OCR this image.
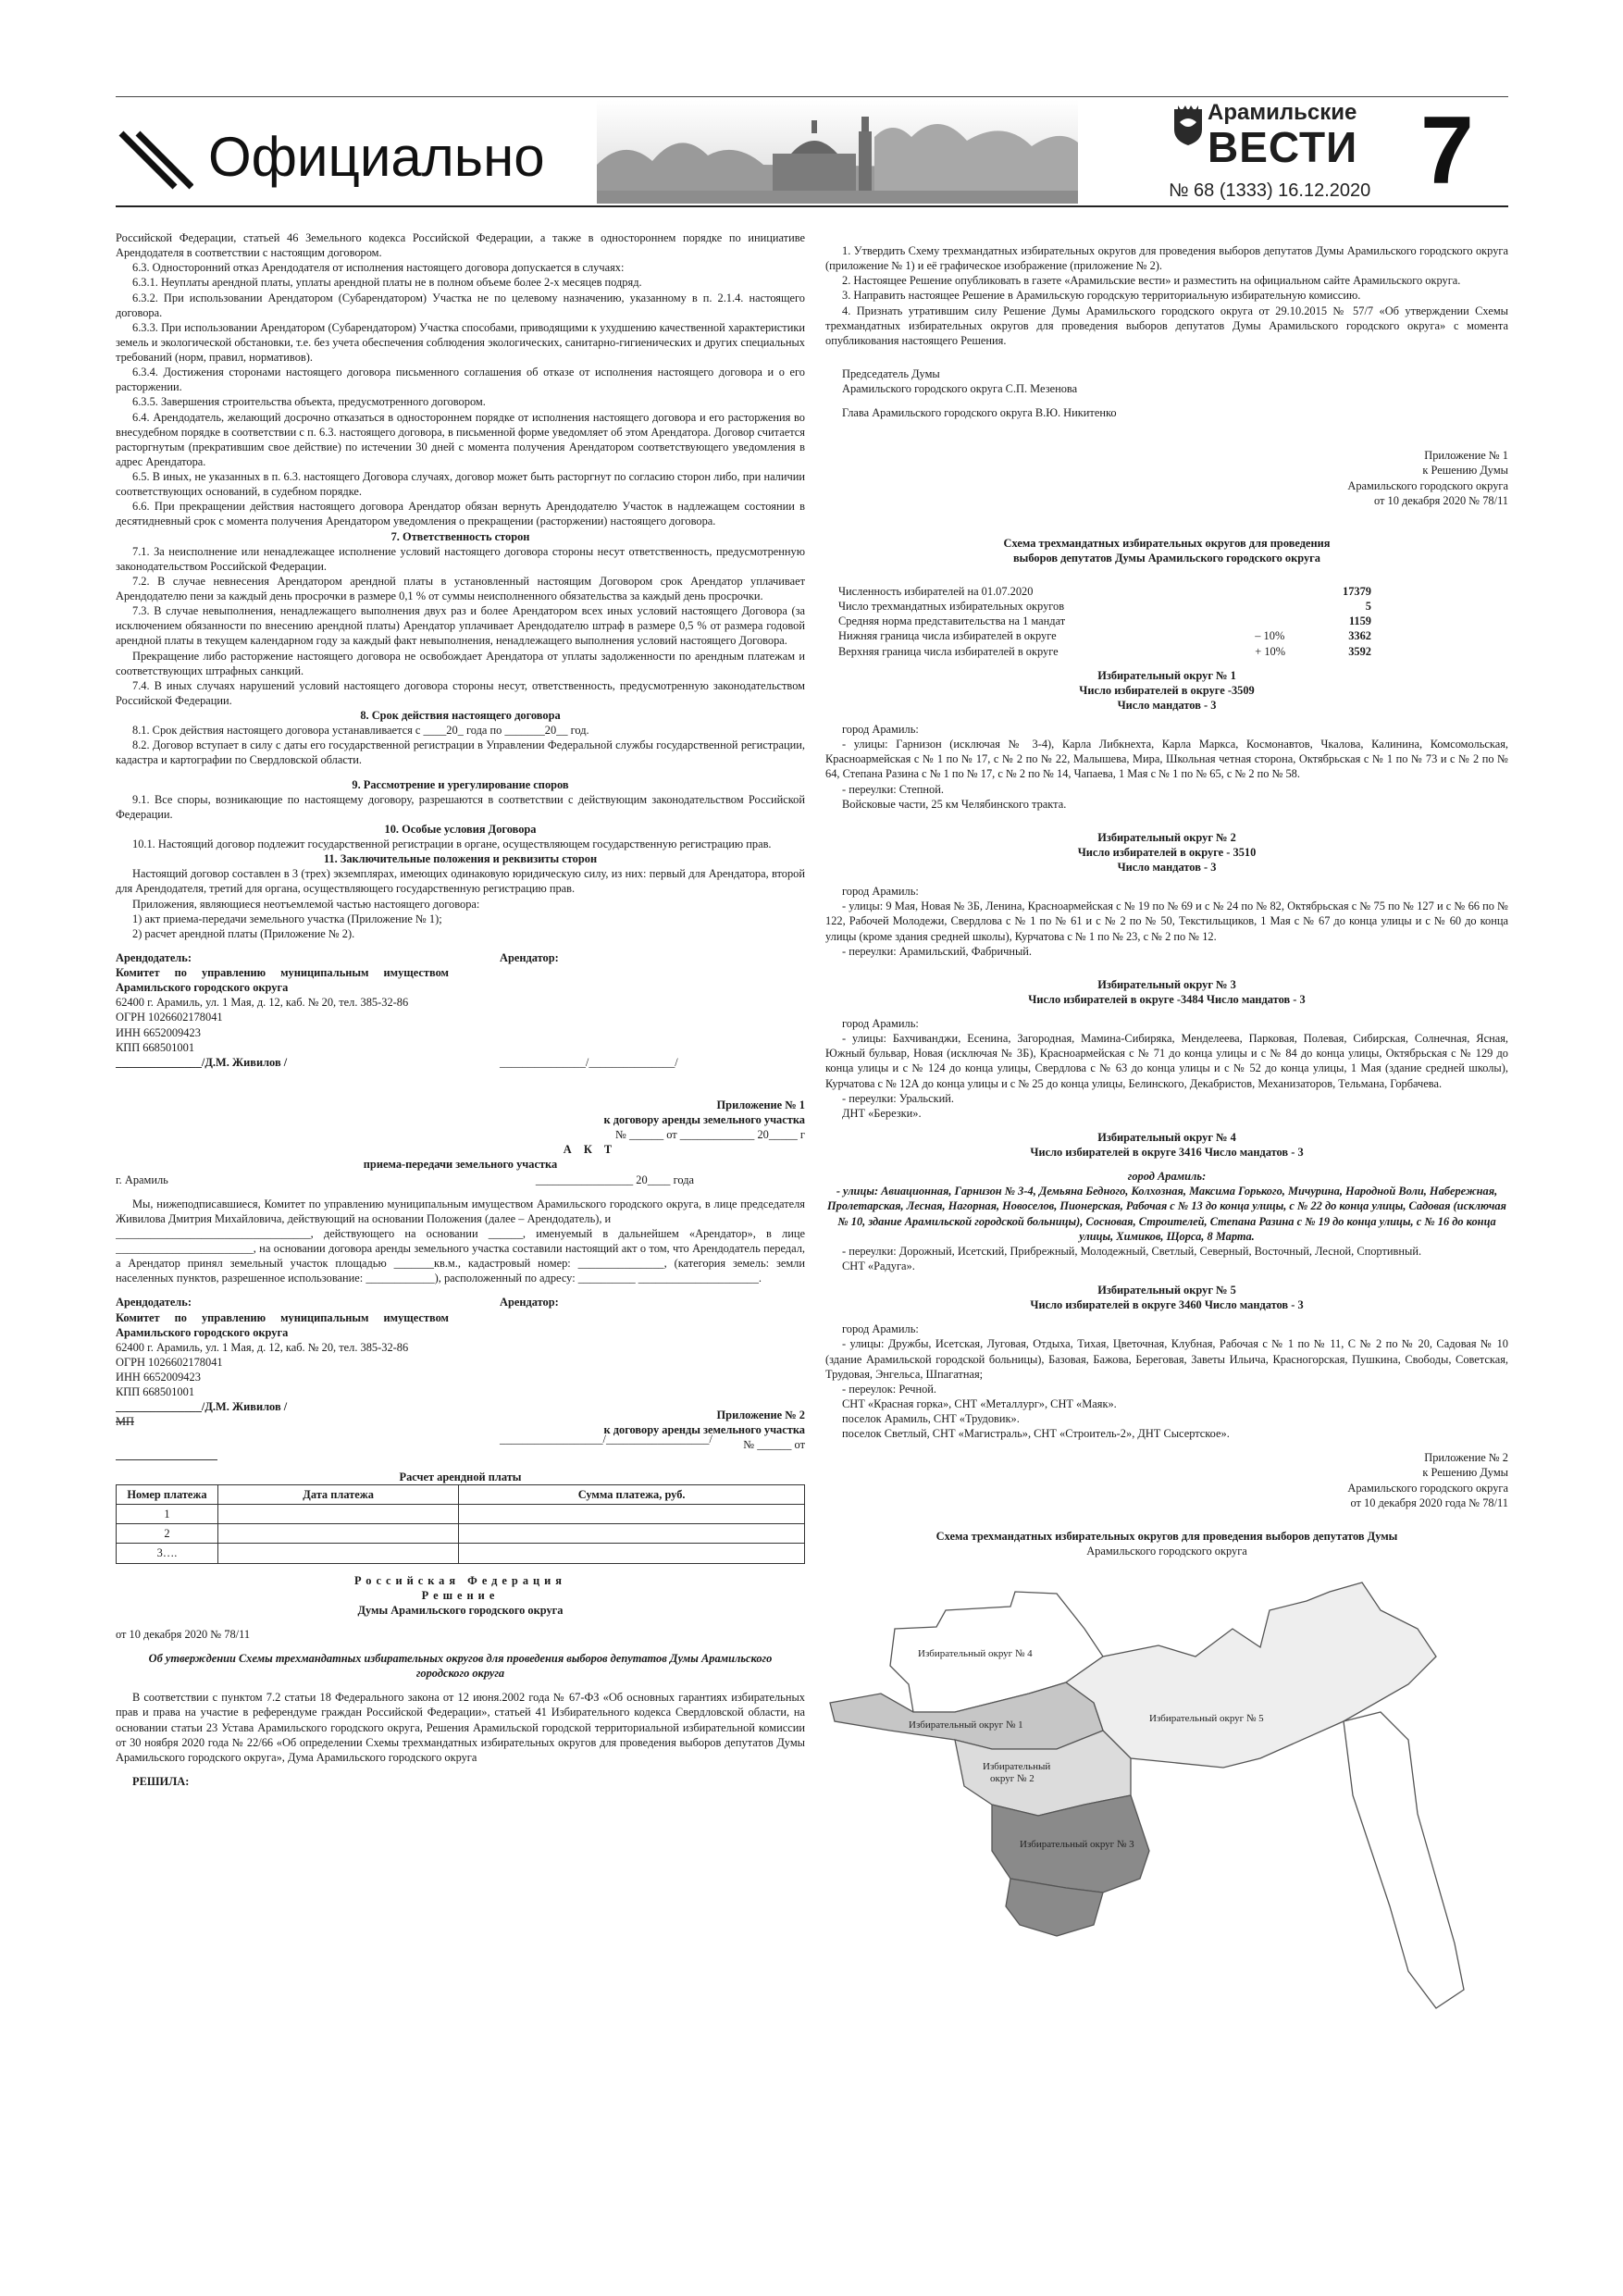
Официально
Арамильские
ВЕСТИ
№ 68 (1333) 16.12.2020 7

Российской Федерации, статьей 46 Земельного кодекса Российской Федерации, а также в одностороннем порядке по инициативе Арендодателя в соответствии с настоящим договором.

6.3. Односторонний отказ Арендодателя от исполнения настоящего договора допускается в случаях:

6.3.1. Неуплаты арендной платы, уплаты арендной платы не в полном объеме более 2-х месяцев подряд.

6.3.2. При использовании Арендатором (Субарендатором) Участка не по целевому назначению, указанному в п. 2.1.4. настоящего договора.

6.3.3. При использовании Арендатором (Субарендатором) Участка способами, приводящими к ухудшению качественной характеристики земель и экологической обстановки, т.е. без учета обеспечения соблюдения экологических, санитарно-гигиенических и других специальных требований (норм, правил, нормативов).

6.3.4. Достижения сторонами настоящего договора письменного соглашения об отказе от исполнения настоящего договора и о его расторжении.

6.3.5. Завершения строительства объекта, предусмотренного договором.

6.4. Арендодатель, желающий досрочно отказаться в одностороннем порядке от исполнения настоящего договора и его расторжения во внесудебном порядке в соответствии с п. 6.3. настоящего договора, в письменной форме уведомляет об этом Арендатора. Договор считается расторгнутым (прекратившим свое действие) по истечении 30 дней с момента получения Арендатором соответствующего уведомления в адрес Арендатора.

6.5. В иных, не указанных в п. 6.3. настоящего Договора случаях, договор может быть расторгнут по согласию сторон либо, при наличии соответствующих оснований, в судебном порядке.

6.6. При прекращении действия настоящего договора Арендатор обязан вернуть Арендодателю Участок в надлежащем состоянии в десятидневный срок с момента получения Арендатором уведомления о прекращении (расторжении) настоящего договора.

7. Ответственность сторон

7.1. За неисполнение или ненадлежащее исполнение условий настоящего договора стороны несут ответственность, предусмотренную законодательством Российской Федерации.

7.2. В случае невнесения Арендатором арендной платы в установленный настоящим Договором срок Арендатор уплачивает Арендодателю пени за каждый день просрочки в размере 0,1 % от суммы неисполненного обязательства за каждый день просрочки.

7.3. В случае невыполнения, ненадлежащего выполнения двух раз и более Арендатором всех иных условий настоящего Договора (за исключением обязанности по внесению арендной платы) Арендатор уплачивает Арендодателю штраф в размере 0,5 % от размера годовой арендной платы в текущем календарном году за каждый факт невыполнения, ненадлежащего выполнения условий настоящего Договора.

Прекращение либо расторжение настоящего договора не освобождает Арендатора от уплаты задолженности по арендным платежам и соответствующих штрафных санкций.

7.4. В иных случаях нарушений условий настоящего договора стороны несут, ответственность, предусмотренную законодательством Российской Федерации.

8. Срок действия настоящего договора

8.1. Срок действия настоящего договора устанавливается с ____20_ года по _______20__ год.

8.2. Договор вступает в силу с даты его государственной регистрации в Управлении Федеральной службы государственной регистрации, кадастра и картографии по Свердловской области.

9. Рассмотрение и урегулирование споров

9.1. Все споры, возникающие по настоящему договору, разрешаются в соответствии с действующим законодательством Российской Федерации.

10. Особые условия Договора

10.1. Настоящий договор подлежит государственной регистрации в органе, осуществляющем государственную регистрацию прав.

11. Заключительные положения и реквизиты сторон

Настоящий договор составлен в 3 (трех) экземплярах, имеющих одинаковую юридическую силу, из них: первый для Арендатора, второй для Арендодателя, третий для органа, осуществляющего государственную регистрацию прав.

Приложения, являющиеся неотъемлемой частью настоящего договора:

1) акт приема-передачи земельного участка (Приложение № 1);

2) расчет арендной платы (Приложение № 2).

Арендодатель:

Комитет по управлению муниципальным имуществом Арамильского городского округа

62400 г. Арамиль, ул. 1 Мая, д. 12, каб. № 20, тел. 385-32-86

ОГРН 1026602178041

ИНН 6652009423

КПП 668501001

_______________/Д.М. Живилов /

Арендатор:

_______________/_______________/

Приложение № 1

к договору аренды земельного участка

№ ______ от _____________ 20_____ г

А К Т

приема-передачи земельного участка

г. Арамиль	_________________ 20____ года

Мы, нижеподписавшиеся, Комитет по управлению муниципальным имуществом Арамильского городского округа, в лице председателя Живилова Дмитрия Михайловича, действующий на основании Положения (далее – Арендодатель), и

__________________________________, действующего на основании ______, именуемый в дальнейшем «Арендатор», в лице ________________________, на основании договора аренды земельного участка составили настоящий акт о том, что Арендодатель передал, а Арендатор принял земельный участок площадью _______кв.м., кадастровый номер: _______________, (категория земель: земли населенных пунктов, разрешенное использование: ____________), расположенный по адресу: __________ _____________________.

Арендодатель:

Комитет по управлению муниципальным имуществом Арамильского городского округа

62400 г. Арамиль, ул. 1 Мая, д. 12, каб. № 20, тел. 385-32-86

ОГРН 1026602178041

ИНН 6652009423

КПП 668501001

_______________/Д.М. Живилов /

МП

Арендатор:

__________________/__________________/

Приложение № 2

к договору аренды земельного участка

№ ______ от

Расчет арендной платы

Номер платежа	Дата платежа	Сумма платежа, руб.
1		
2		
3….		

Российская Федерация

Решение

Думы Арамильского городского округа

от 10 декабря 2020 № 78/11

Об утверждении Схемы трехмандатных избирательных округов для проведения выборов депутатов Думы Арамильского городского округа

В соответствии с пунктом 7.2 статьи 18 Федерального закона от 12 июня.2002 года № 67-ФЗ «Об основных гарантиях избирательных прав и права на участие в референдуме граждан Российской Федерации», статьей 41 Избирательного кодекса Свердловской области, на основании статьи 23 Устава Арамильского городского округа, Решения Арамильской городской территориальной избирательной комиссии от 30 ноября 2020 года № 22/66 «Об определении Схемы трехмандатных избирательных округов для проведения выборов депутатов Думы Арамильского городского округа», Дума Арамильского городского округа

РЕШИЛА:

1. Утвердить Схему трехмандатных избирательных округов для проведения выборов депутатов Думы Арамильского городского округа (приложение № 1) и её графическое изображение (приложение № 2).

2. Настоящее Решение опубликовать в газете «Арамильские вести» и разместить на официальном сайте Арамильского округа.

3. Направить настоящее Решение в Арамильскую городскую территориальную избирательную комиссию.

4. Признать утратившим силу Решение Думы Арамильского городского округа от 29.10.2015 № 57/7 «Об утверждении Схемы трехмандатных избирательных округов для проведения выборов депутатов Думы Арамильского городского округа» с момента опубликования настоящего Решения.

Председатель Думы

Арамильского городского округа С.П. Мезенова

Глава Арамильского городского округа В.Ю. Никитенко

Приложение № 1

к Решению Думы

Арамильского городского округа

от 10 декабря 2020 № 78/11

Схема трехмандатных избирательных округов для проведения

выборов депутатов Думы Арамильского городского округа

Численность избирателей на 01.07.2020		17379
Число трехмандатных избирательных округов		5
Средняя норма представительства на 1 мандат		1159
Нижняя граница числа избирателей в округе	– 10%	3362
Верхняя граница числа избирателей в округе	+ 10%	3592

Избирательный округ № 1

Число избирателей в округе -3509

Число мандатов - 3

город Арамиль:

- улицы: Гарнизон (исключая № 3-4), Карла Либкнехта, Карла Маркса, Космонавтов, Чкалова, Калинина, Комсомольская, Красноармейская с № 1 по № 17, с № 2 по № 22, Малышева, Мира, Школьная четная сторона, Октябрьская с № 1 по № 73 и с № 2 по № 64, Степана Разина с № 1 по № 17, с № 2 по № 14, Чапаева, 1 Мая с № 1 по № 65, с № 2 по № 58.

- переулки: Степной.

Войсковые части, 25 км Челябинского тракта.

Избирательный округ № 2

Число избирателей в округе - 3510

Число мандатов - 3

город Арамиль:

- улицы: 9 Мая, Новая № 3Б, Ленина, Красноармейская с № 19 по № 69 и с № 24 по № 82, Октябрьская с № 75 по № 127 и с № 66 по № 122, Рабочей Молодежи, Свердлова с № 1 по № 61 и с № 2 по № 50, Текстильщиков, 1 Мая с № 67 до конца улицы и с № 60 до конца улицы (кроме здания средней школы), Курчатова с № 1 по № 23, с № 2 по № 12.

- переулки: Арамильский, Фабричный.

Избирательный округ № 3

Число избирателей в округе -3484 Число мандатов - 3

город Арамиль:

- улицы: Бахчиванджи, Есенина, Загородная, Мамина-Сибиряка, Менделеева, Парковая, Полевая, Сибирская, Солнечная, Ясная, Южный бульвар, Новая (исключая № 3Б), Красноармейская с № 71 до конца улицы и с № 84 до конца улицы, Октябрьская с № 129 до конца улицы и с № 124 до конца улицы, Свердлова с № 63 до конца улицы и с № 52 до конца улицы, 1 Мая (здание средней школы), Курчатова с № 12А до конца улицы и с № 25 до конца улицы, Белинского, Декабристов, Механизаторов, Тельмана, Горбачева.

- переулки: Уральский.

ДНТ «Березки».

Избирательный округ № 4

Число избирателей в округе 3416 Число мандатов - 3

город Арамиль:

- улицы: Авиационная, Гарнизон № 3-4, Демьяна Бедного, Колхозная, Максима Горького, Мичурина, Народной Воли, Набережная, Пролетарская, Лесная, Нагорная, Новоселов, Пионерская, Рабочая с № 13 до конца улицы, с № 22 до конца улицы, Садовая (исключая № 10, здание Арамильской городской больницы), Сосновая, Строителей, Степана Разина с № 19 до конца улицы, с № 16 до конца улицы, Химиков, Щорса, 8 Марта.

- переулки: Дорожный, Исетский, Прибрежный, Молодежный, Светлый, Северный, Восточный, Лесной, Спортивный.

СНТ «Радуга».

Избирательный округ № 5

Число избирателей в округе 3460 Число мандатов - 3

город Арамиль:

- улицы: Дружбы, Исетская, Луговая, Отдыха, Тихая, Цветочная, Клубная, Рабочая с № 1 по № 11, С № 2 по № 20, Садовая № 10 (здание Арамильской городской больницы), Базовая, Бажова, Береговая, Заветы Ильича, Красногорская, Пушкина, Свободы, Советская, Трудовая, Энгельса, Шпагатная;

- переулок: Речной.

СНТ «Красная горка», СНТ «Металлург», СНТ «Маяк».

поселок Арамиль, СНТ «Трудовик».

поселок Светлый, СНТ «Магистраль», СНТ «Строитель-2», ДНТ Сысертское».

Приложение № 2

к Решению Думы

Арамильского городского округа

от 10 декабря 2020 года № 78/11

Схема трехмандатных избирательных округов для проведения выборов депутатов Думы

Арамильского городского округа

Избирательный округ № 4
Избирательный округ № 1
Избирательный
округ № 2
Избирательный округ № 5
Избирательный округ № 3
